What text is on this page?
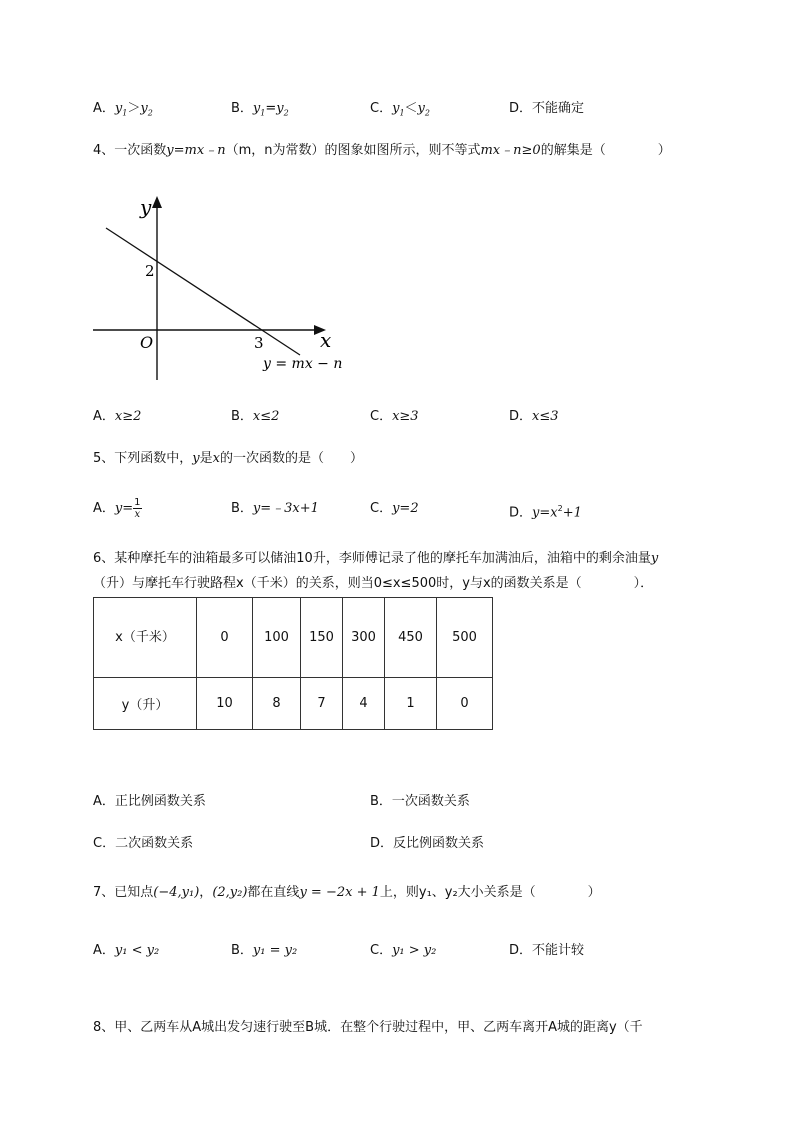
A．$y_1>y_2$	B．$y_1=y_2$	C．$y_1<y_2$	D．不能确定
4、一次函数y=mx﹣n（m，n为常数）的图象如图所示，则不等式mx﹣n≥0的解集是（　　　　）
y
x
O
2
3
y = mx − n
A．x≥2	B．x≤2	C．x≥3	D．x≤3
5、下列函数中，y是x的一次函数的是（　　）
A．$y= \frac{1}{x}$	B．y=﹣3x+1	C．y=2	D．$y=x^2+1$
6、某种摩托车的油箱最多可以储油10升，李师傅记录了他的摩托车加满油后，油箱中的剩余油量y
（升）与摩托车行驶路程x（千米）的关系，则当0≤x≤500时，y与x的函数关系是（　　　　）．
x（千米）	0	100	150	300	450	500
y（升）	10	8	7	4	1	0
A．正比例函数关系	B．一次函数关系
C．二次函数关系	D．反比例函数关系
7、已知点(−4,y₁)，(2,y₂)都在直线y = −2x + 1上，则y₁、y₂大小关系是（　　　　）
A．y₁ < y₂	B．y₁ = y₂	C．y₁ > y₂	D．不能计较
8、甲、乙两车从A城出发匀速行驶至B城．在整个行驶过程中，甲、乙两车离开A城的距离y（千
